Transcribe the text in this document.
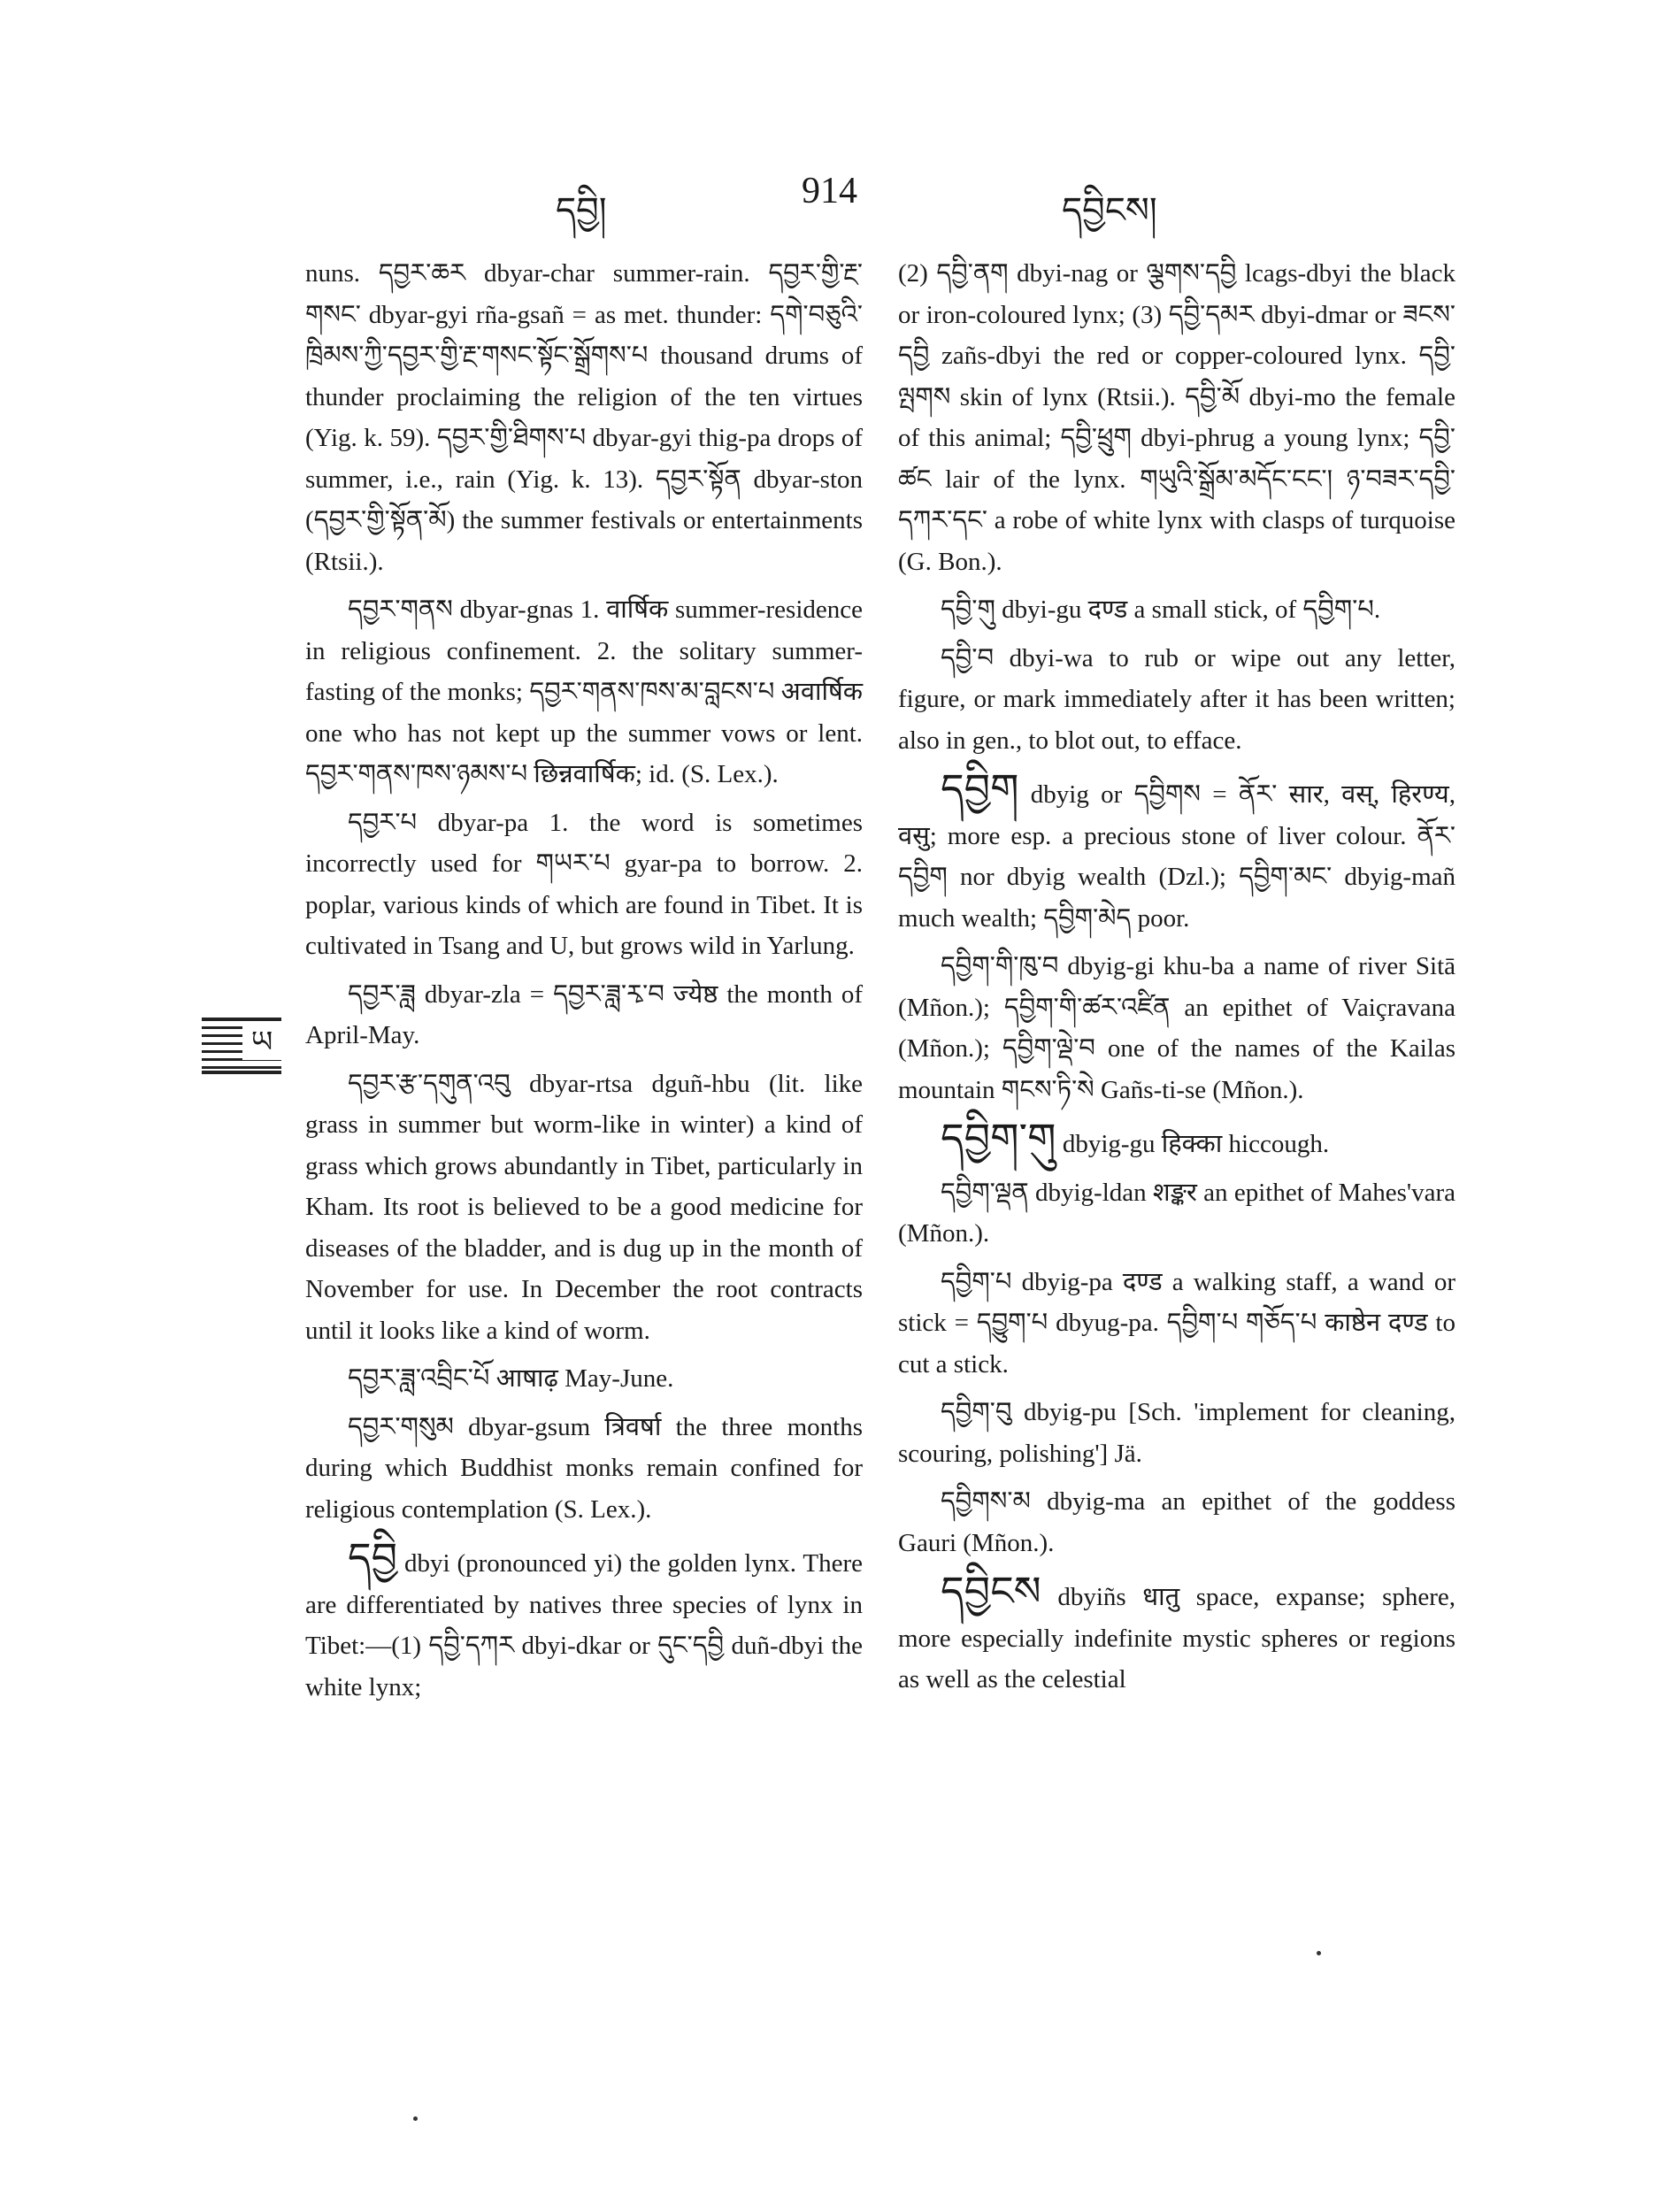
དབྱི།	914	དབྱིངས།
ཡ

nuns. དབྱར་ཆར dbyar-char summer-rain. དབྱར་གྱི་རྔ་གསང་ dbyar-gyi rña-gsañ = as met. thunder: དགེ་བཅུའི་ཁྲིམས་ཀྱི་དབྱར་གྱི་རྔ་གསང་སྟོང་སྒྲོགས་པ thousand drums of thunder proclaiming the religion of the ten virtues (Yig. k. 59). དབྱར་གྱི་ཐིགས་པ dbyar-gyi thig-pa drops of summer, i.e., rain (Yig. k. 13). དབྱར་སྟོན dbyar-ston (དབྱར་གྱི་སྟོན་མོ) the summer festivals or entertainments (Rtsii.).

དབྱར་གནས dbyar-gnas 1. वार्षिक summer-residence in religious confinement. 2. the solitary summer-fasting of the monks; དབྱར་གནས་ཁས་མ་བླངས་པ अवार्षिक one who has not kept up the summer vows or lent. དབྱར་གནས་ཁས་ཉམས་པ छिन्नवार्षिक; id. (S. Lex.).

དབྱར་པ dbyar-pa 1. the word is sometimes incorrectly used for གཡར་པ gyar-pa to borrow. 2. poplar, various kinds of which are found in Tibet. It is cultivated in Tsang and U, but grows wild in Yarlung.

དབྱར་ཟླ dbyar-zla = དབྱར་ཟླ་རྭ་བ ज्येष्ठ the month of April-May.

དབྱར་རྩ་དགུན་འབུ dbyar-rtsa dguñ-hbu (lit. like grass in summer but worm-like in winter) a kind of grass which grows abundantly in Tibet, particularly in Kham. Its root is believed to be a good medicine for diseases of the bladder, and is dug up in the month of November for use. In December the root contracts until it looks like a kind of worm.

དབྱར་ཟླ་འབྲིང་པོ आषाढ़ May-June.

དབྱར་གསུམ dbyar-gsum त्रिवर्षा the three months during which Buddhist monks remain confined for religious contemplation (S. Lex.).

དབྱི dbyi (pronounced yi) the golden lynx. There are differentiated by natives three species of lynx in Tibet:—(1) དབྱི་དཀར dbyi-dkar or དུང་དབྱི duñ-dbyi the white lynx;

(2) དབྱི་ནག dbyi-nag or ལྕགས་དབྱི lcags-dbyi the black or iron-coloured lynx; (3) དབྱི་དམར dbyi-dmar or ཟངས་དབྱི zañs-dbyi the red or copper-coloured lynx. དབྱི་ལྤགས skin of lynx (Rtsii.). དབྱི་མོ dbyi-mo the female of this animal; དབྱི་ཕྲུག dbyi-phrug a young lynx; དབྱི་ཚང lair of the lynx. གཡུའི་སྒྲོམ་མདོང་ངང་། ཉ་བཟར་དབྱི་དཀར་དང་ a robe of white lynx with clasps of turquoise (G. Bon.).

དབྱི་གུ dbyi-gu दण्ड a small stick, of དབྱིག་པ.

དབྱི་བ dbyi-wa to rub or wipe out any letter, figure, or mark immediately after it has been written; also in gen., to blot out, to efface.

དབྱིག dbyig or དབྱིགས = ནོར་ सार, वस्, हिरण्य, वसु; more esp. a precious stone of liver colour. ནོར་དབྱིག nor dbyig wealth (Dzl.); དབྱིག་མང་ dbyig-mañ much wealth; དབྱིག་མེད poor.

དབྱིག་གི་ཁུ་བ dbyig-gi khu-ba a name of river Sitā (Mñon.); དབྱིག་གི་ཚར་འཛིན an epithet of Vaiçravana (Mñon.); དབྱིག་ལྡེ་བ one of the names of the Kailas mountain གངས་ཏི་སེ Gañs-ti-se (Mñon.).

དབྱིག་གུ dbyig-gu हिक्का hiccough.

དབྱིག་ལྡན dbyig-ldan शङ्कर an epithet of Mahes'vara (Mñon.).

དབྱིག་པ dbyig-pa दण्ड a walking staff, a wand or stick = དབྱུག་པ dbyug-pa. དབྱིག་པ གཅོད་པ काष्ठेन दण्ड to cut a stick.

དབྱིག་བུ dbyig-pu [Sch. 'implement for cleaning, scouring, polishing'] Jä.

དབྱིགས་མ dbyig-ma an epithet of the goddess Gauri (Mñon.).

དབྱིངས dbyiñs धातु space, expanse; sphere, more especially indefinite mystic spheres or regions as well as the celestial
